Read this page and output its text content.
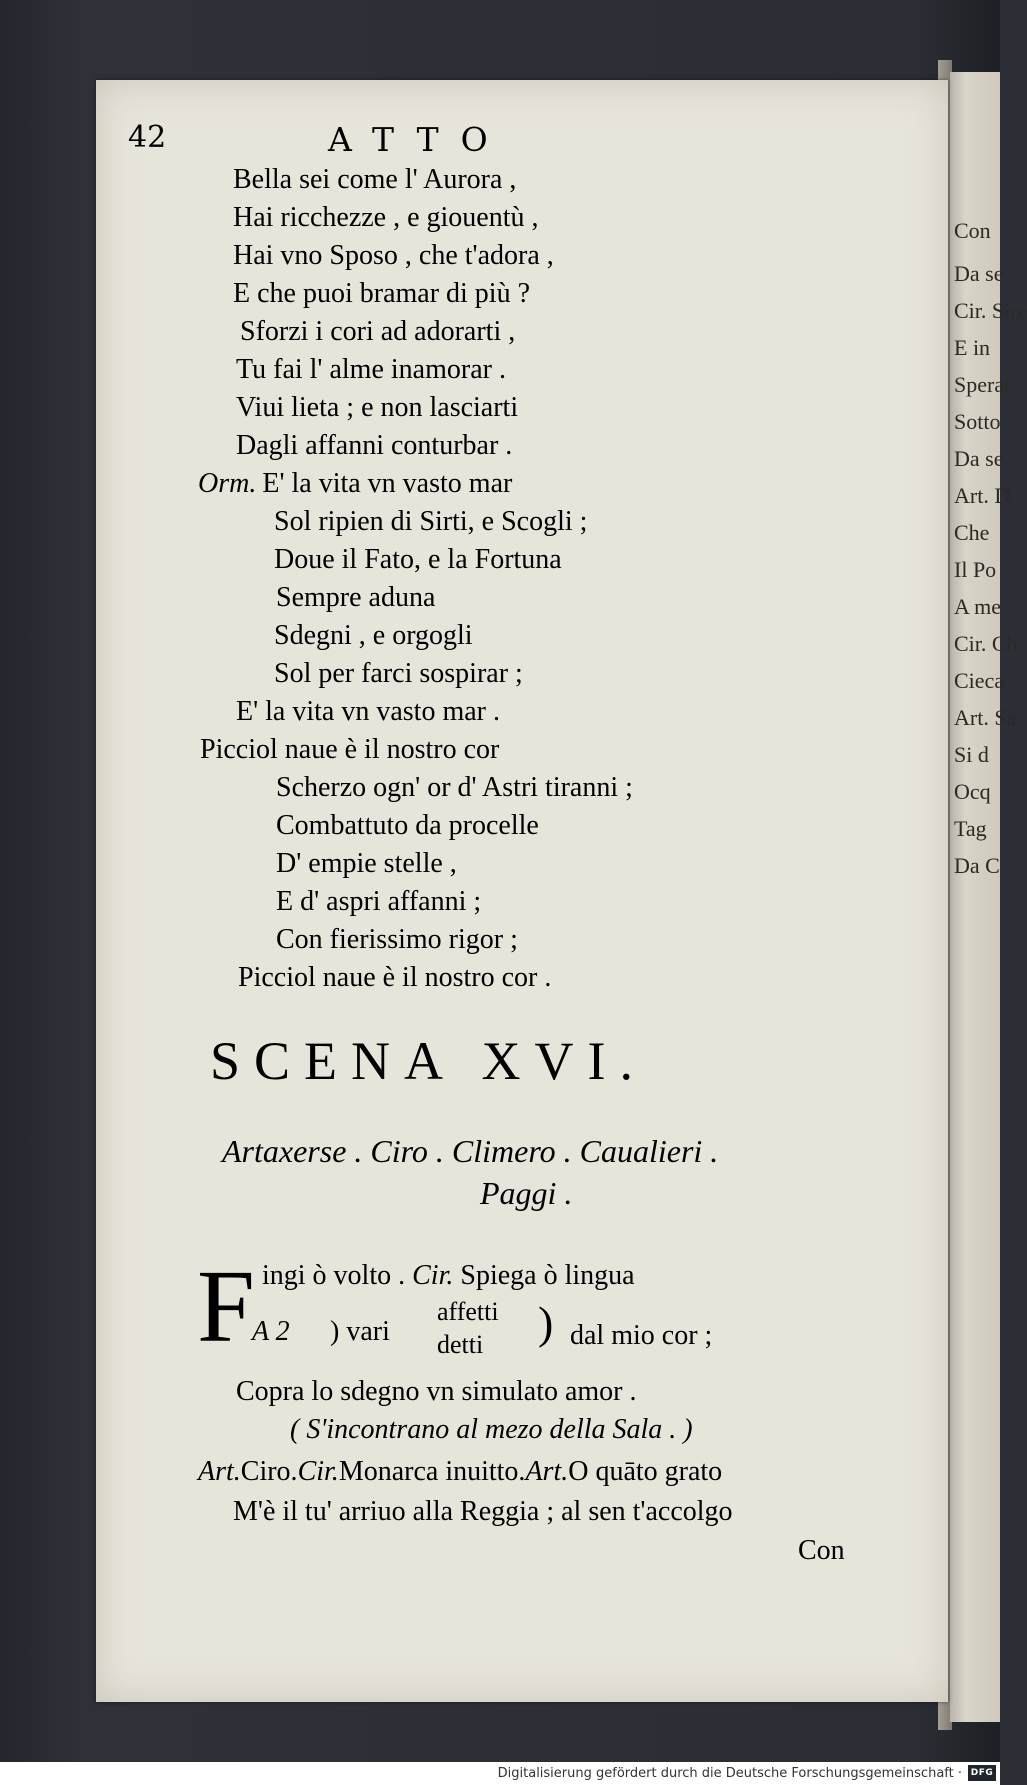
Con
Da se
Cir. Sire
E in
Sperat
Sotto
Da se
Art. D
Che
Il Po
A me
Cir. Ch
Cieca
Art. Sa
Si d
Ocq
Tag
Da C
42	ATTO
Bella sei come l' Aurora ,
Hai ricchezze , e giouentù ,
Hai vno Sposo , che t'adora ,
E che puoi bramar di più ?
Sforzi i cori ad adorarti ,
Tu fai l' alme inamorar .
Viui lieta ; e non lasciarti
Dagli affanni conturbar .
Orm. E' la vita vn vasto mar
Sol ripien di Sirti, e Scogli ;
Doue il Fato, e la Fortuna
Sempre aduna
Sdegni , e orgogli
Sol per farci sospirar ;
E' la vita vn vasto mar .
Picciol naue è il nostro cor
Scherzo ogn' or d' Astri tiranni ;
Combattuto da procelle
D' empie stelle ,
E d' aspri affanni ;
Con fierissimo rigor ;
Picciol naue è il nostro cor .
SCENA XVI.
Artaxerse . Ciro . Climero . Caualieri .
Paggi .
F ingi ò volto . Cir. Spiega ò lingua
A 2 ) vari
affetti
detti ) dal mio cor ;
Copra lo sdegno vn simulato amor .
( S'incontrano al mezo della Sala . )
Art.Ciro.Cir.Monarca inuitto.Art.O quāto grato
M'è il tu' arriuo alla Reggia ; al sen t'accolgo
Con
Digitalisierung gefördert durch die Deutsche Forschungsgemeinschaft · DFG
